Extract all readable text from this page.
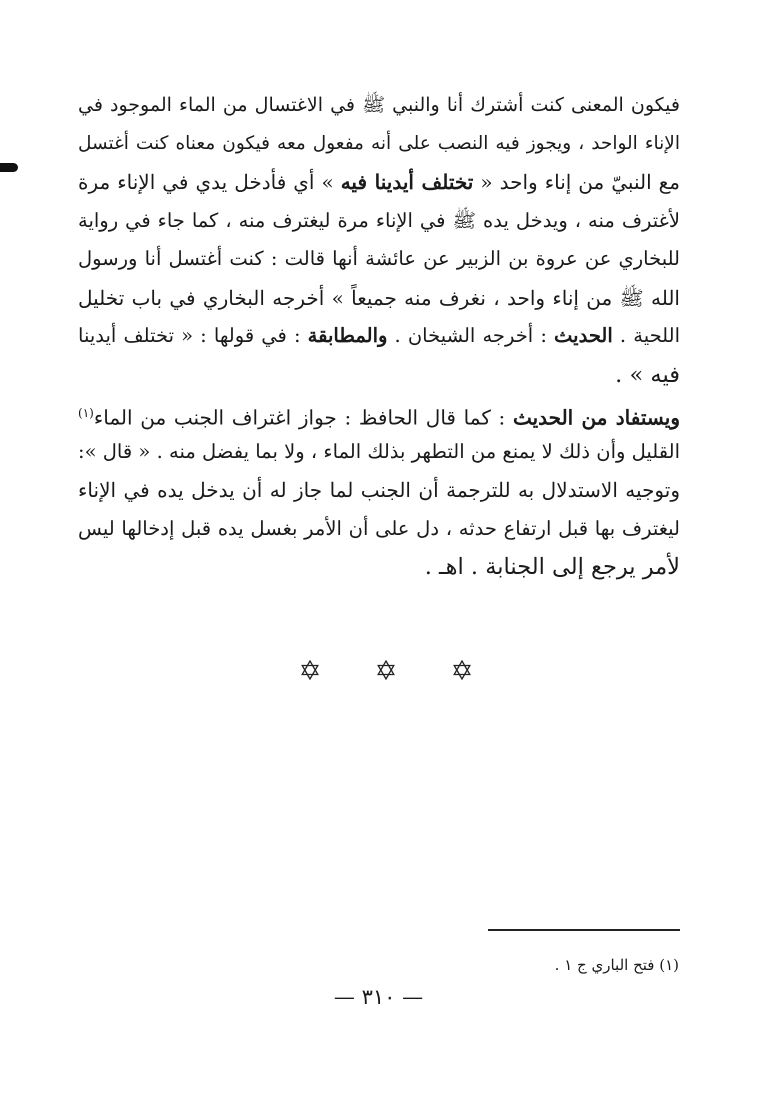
فيكون المعنى كنت أشترك أنا والنبي ﷺ في الاغتسال من الماء الموجود في
الإناء الواحد ، ويجوز فيه النصب على أنه مفعول معه فيكون معناه كنت أغتسل
مع النبيّ من إناء واحد « تختلف أيدينا فيه » أي فأدخل يدي في الإناء مرة
لأغترف منه ، ويدخل يده ﷺ في الإناء مرة ليغترف منه ، كما جاء في رواية
للبخاري عن عروة بن الزبير عن عائشة أنها قالت : كنت أغتسل أنا ورسول
الله ﷺ من إناء واحد ، نغرف منه جميعاً » أخرجه البخاري في باب تخليل
اللحية . الحديث : أخرجه الشيخان . والمطابقة : في قولها : « تختلف أيدينا
فيه » .
ويستفاد من الحديث : كما قال الحافظ : جواز اغتراف الجنب من الماء$^{(١)}$
القليل وأن ذلك لا يمنع من التطهر بذلك الماء ، ولا بما يفضل منه . « قال »:
وتوجيه الاستدلال به للترجمة أن الجنب لما جاز له أن يدخل يده في الإناء
ليغترف بها قبل ارتفاع حدثه ، دل على أن الأمر بغسل يده قبل إدخالها ليس
لأمر يرجع إلى الجنابة . اهـ .
(١) فتح الباري ج ١ .
— ٣١٠ —
